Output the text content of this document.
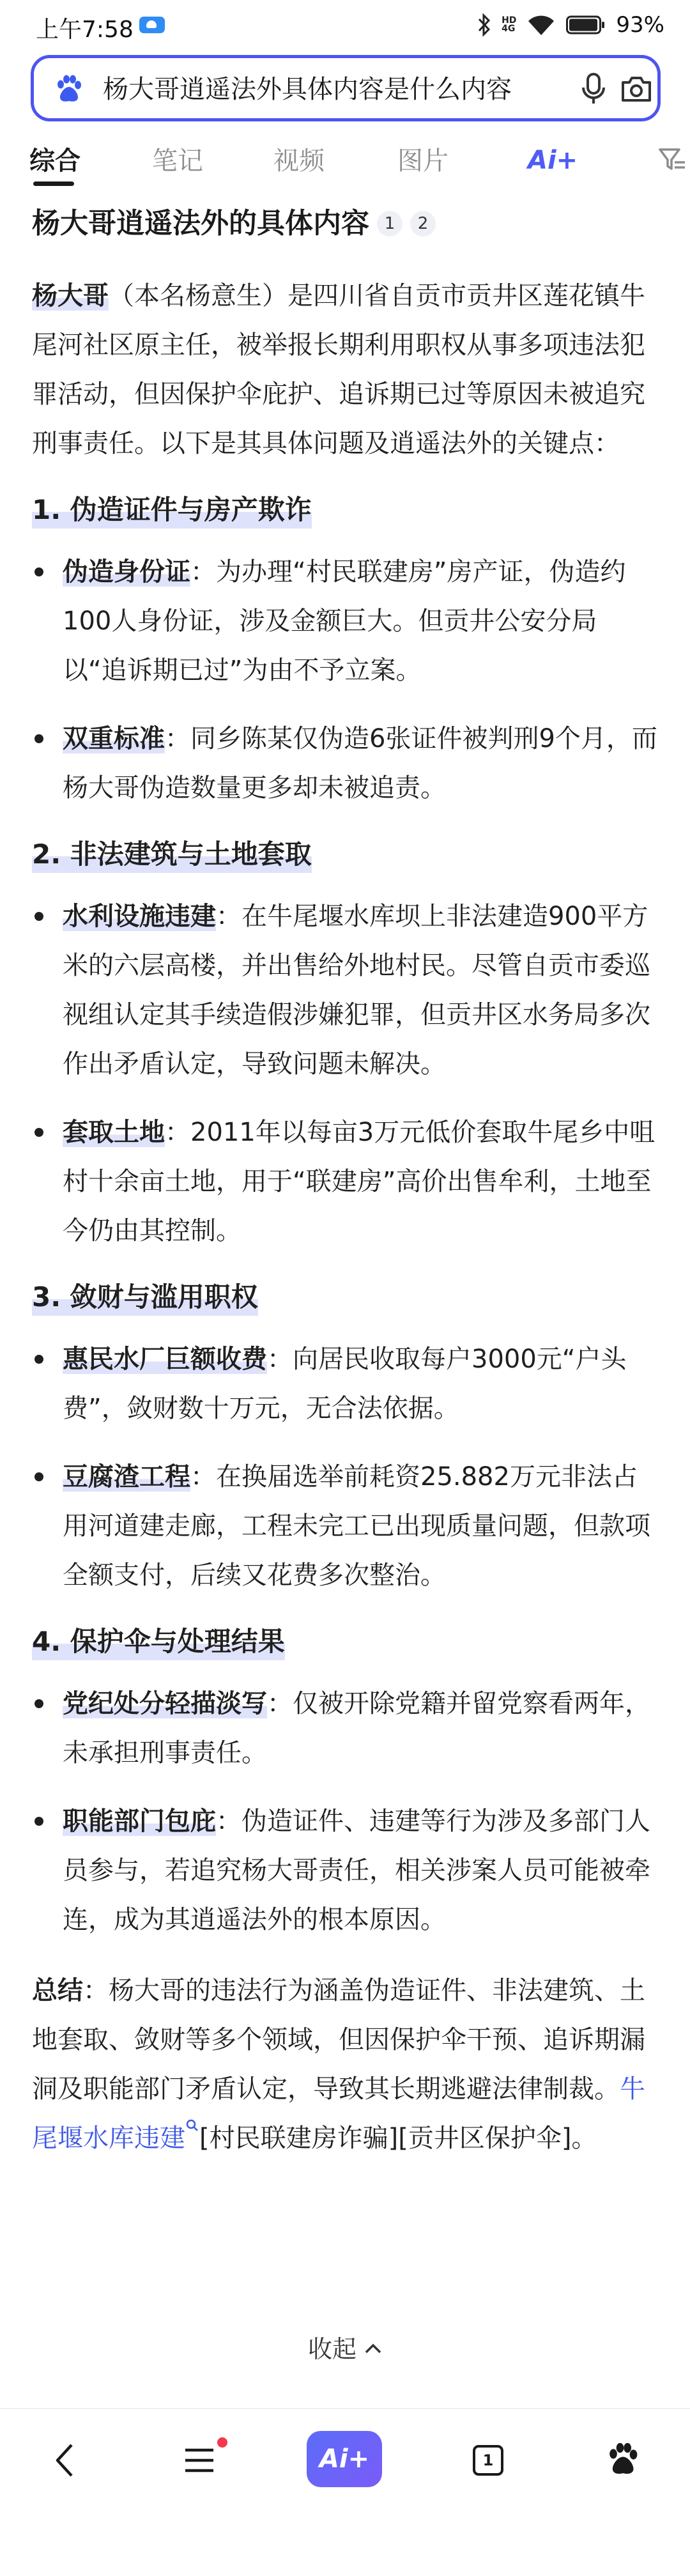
上午7:58	HD
4G	93%
杨大哥逍遥法外具体内容是什么内容
综合	笔记	视频	图片	Ai+
杨大哥逍遥法外的具体内容 1 2
杨大哥（本名杨意生）是四川省自贡市贡井区莲花镇牛尾河社区原主任，被举报长期利用职权从事多项违法犯罪活动，但因保护伞庇护、追诉期已过等原因未被追究刑事责任。以下是其具体问题及逍遥法外的关键点：
1. 伪造证件与房产欺诈
伪造身份证：为办理“村民联建房”房产证，伪造约100人身份证，涉及金额巨大。但贡井公安分局以“追诉期已过”为由不予立案。
双重标准：同乡陈某仅伪造6张证件被判刑9个月，而杨大哥伪造数量更多却未被追责。
2. 非法建筑与土地套取
水利设施违建：在牛尾堰水库坝上非法建造900平方米的六层高楼，并出售给外地村民。尽管自贡市委巡视组认定其手续造假涉嫌犯罪，但贡井区水务局多次作出矛盾认定，导致问题未解决。
套取土地：2011年以每亩3万元低价套取牛尾乡中咀村十余亩土地，用于“联建房”高价出售牟利，土地至今仍由其控制。
3. 敛财与滥用职权
惠民水厂巨额收费：向居民收取每户3000元“户头费”，敛财数十万元，无合法依据。
豆腐渣工程：在换届选举前耗资25.882万元非法占用河道建走廊，工程未完工已出现质量问题，但款项全额支付，后续又花费多次整治。
4. 保护伞与处理结果
党纪处分轻描淡写：仅被开除党籍并留党察看两年，未承担刑事责任。
职能部门包庇：伪造证件、违建等行为涉及多部门人员参与，若追究杨大哥责任，相关涉案人员可能被牵连，成为其逍遥法外的根本原因。
总结：杨大哥的违法行为涵盖伪造证件、非法建筑、土地套取、敛财等多个领域，但因保护伞干预、追诉期漏洞及职能部门矛盾认定，导致其长期逃避法律制裁。牛尾堰水库违建 [村民联建房诈骗][贡井区保护伞]。
收起
Ai+	1
